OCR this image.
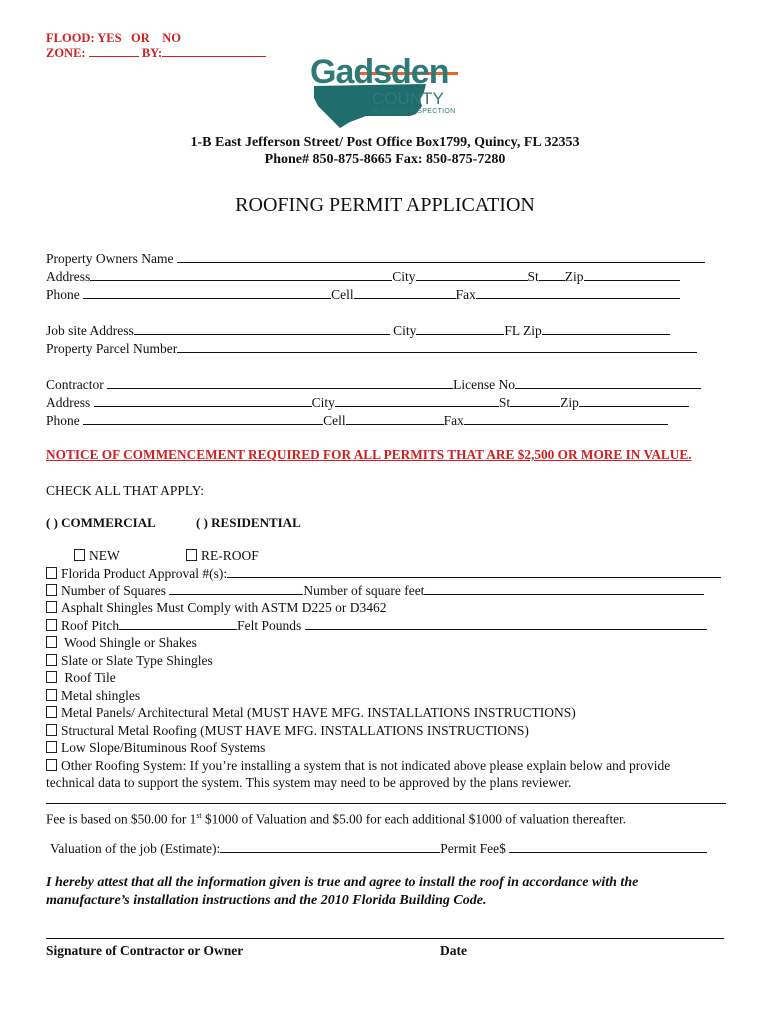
FLOOD: YES OR NO
ZONE:	BY:	Gadsden
COUNTY
BUILDING INSPECTION
1-B East Jefferson Street/ Post Office Box1799, Quincy, FL 32353
Phone# 850-875-8665 Fax: 850-875-7280
ROOFING PERMIT APPLICATION
Property Owners Name
Address	City	St Zip
Phone	Cell	Fax
Job site Address	City	FL Zip
Property Parcel Number
Contractor	License No
Address	City	St	Zip
Phone	Cell	Fax
NOTICE OF COMMENCEMENT REQUIRED FOR ALL PERMITS THAT ARE $2,500 OR MORE IN VALUE.
CHECK ALL THAT APPLY:
( ) COMMERCIAL	( ) RESIDENTIAL
NEW	RE-ROOF
Florida Product Approval #(s):
Number of Squares	Number of square feet
Asphalt Shingles Must Comply with ASTM D225 or D3462
Roof Pitch	Felt Pounds
Wood Shingle or Shakes
Slate or Slate Type Shingles
Roof Tile
Metal shingles
Metal Panels/ Architectural Metal (MUST HAVE MFG. INSTALLATIONS INSTRUCTIONS)
Structural Metal Roofing (MUST HAVE MFG. INSTALLATIONS INSTRUCTIONS)
Low Slope/Bituminous Roof Systems
Other Roofing System: If you’re installing a system that is not indicated above please explain below and provide
technical data to support the system. This system may need to be approved by the plans reviewer.
Fee is based on $50.00 for 1st $1000 of Valuation and $5.00 for each additional $1000 of valuation thereafter.
Valuation of the job (Estimate):	Permit Fee$
I hereby attest that all the information given is true and agree to install the roof in accordance with the
manufacture’s installation instructions and the 2010 Florida Building Code.
Signature of Contractor or Owner	Date
